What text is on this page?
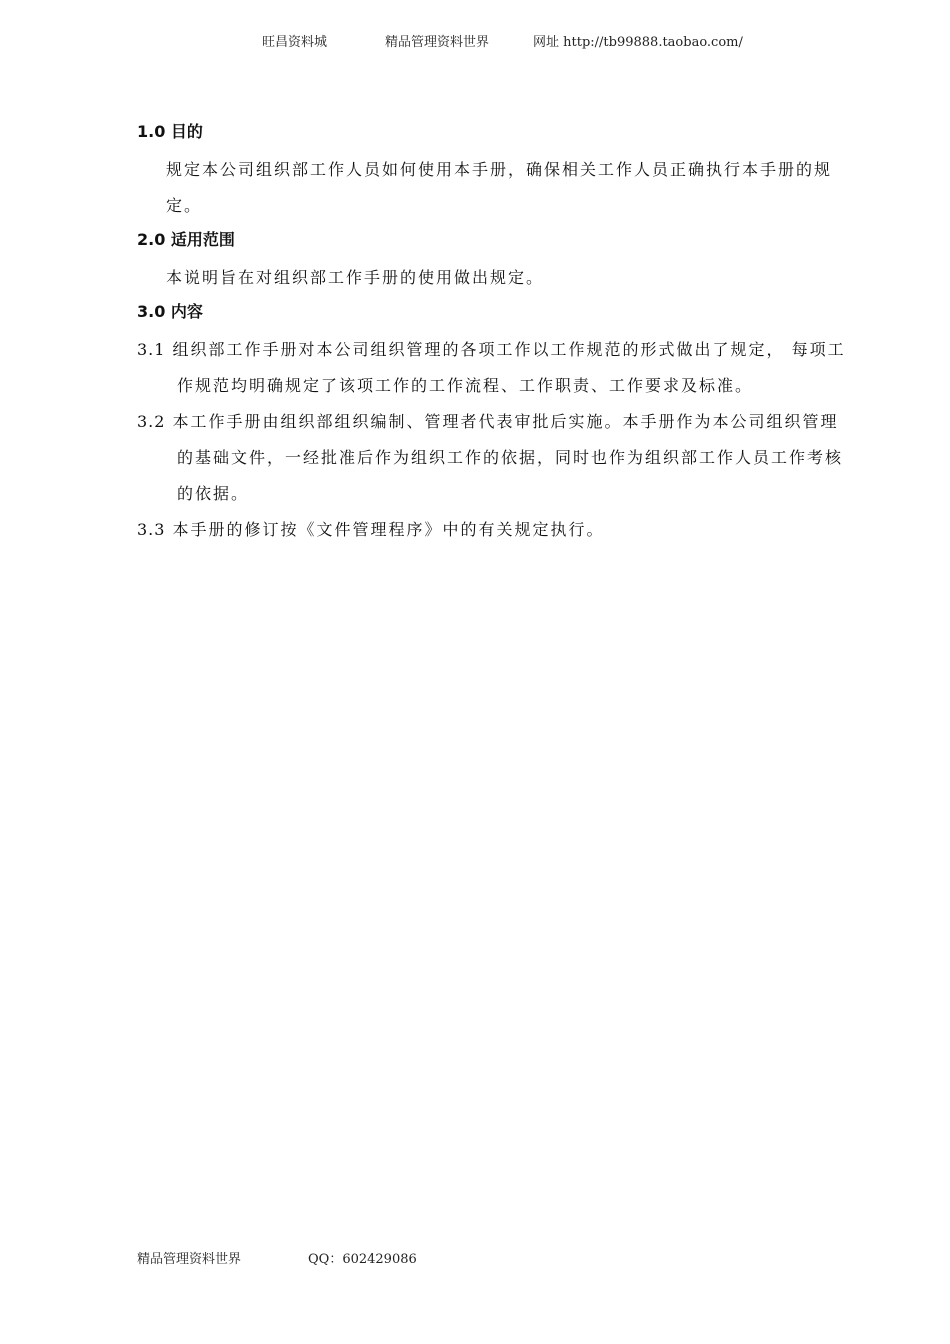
旺昌资料城	精品管理资料世界	网址 http://tb99888.taobao.com/
1.0 目的

规定本公司组织部工作人员如何使用本手册，确保相关工作人员正确执行本手册的规定。

2.0 适用范围

本说明旨在对组织部工作手册的使用做出规定。

3.0 内容

3.1 组织部工作手册对本公司组织管理的各项工作以工作规范的形式做出了规定， 每项工作规范均明确规定了该项工作的工作流程、工作职责、工作要求及标准。

3.2 本工作手册由组织部组织编制、管理者代表审批后实施。本手册作为本公司组织管理的基础文件，一经批准后作为组织工作的依据，同时也作为组织部工作人员工作考核的依据。

3.3 本手册的修订按《文件管理程序》中的有关规定执行。

精品管理资料世界	QQ：602429086
